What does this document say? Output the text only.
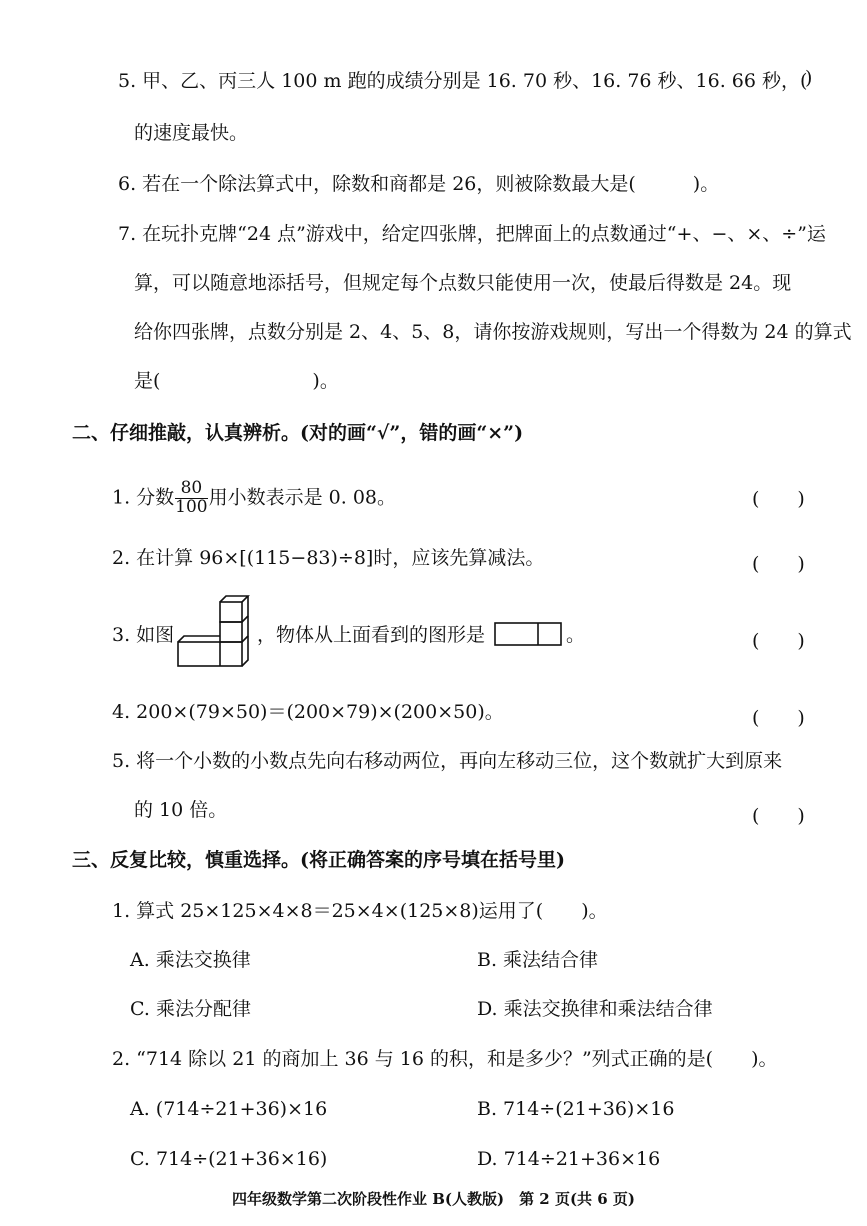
5. 甲、乙、丙三人 100 m 跑的成绩分别是 16. 70 秒、16. 76 秒、16. 66 秒，(
)
的速度最快。
6. 若在一个除法算式中，除数和商都是 26，则被除数最大是(　　　)。
7. 在玩扑克牌“24 点”游戏中，给定四张牌，把牌面上的点数通过“+、−、×、÷”运
算，可以随意地添括号，但规定每个点数只能使用一次，使最后得数是 24。现
给你四张牌，点数分别是 2、4、5、8，请你按游戏规则，写出一个得数为 24 的算式
是(　　　　　　　　)。
二、仔细推敲，认真辨析。(对的画“√”，错的画“×”)
1. 分数 $\frac{80}{100}$ 用小数表示是 0. 08。	(　　)
2. 在计算 96×[(115−83)÷8]时，应该先算减法。	(　　)
3. 如图	，物体从上面看到的图形是	。	(　　)
4. 200×(79×50)＝(200×79)×(200×50)。	(　　)
5. 将一个小数的小数点先向右移动两位，再向左移动三位，这个数就扩大到原来
的 10 倍。	(　　)
三、反复比较，慎重选择。(将正确答案的序号填在括号里)
1. 算式 25×125×4×8＝25×4×(125×8)运用了(　　)。
A. 乘法交换律	B. 乘法结合律
C. 乘法分配律	D. 乘法交换律和乘法结合律
2. “714 除以 21 的商加上 36 与 16 的积，和是多少？”列式正确的是(　　)。
A. (714÷21+36)×16	B. 714÷(21+36)×16
C. 714÷(21+36×16)	D. 714÷21+36×16
四年级数学第二次阶段性作业 B(人教版)　第 2 页(共 6 页)
